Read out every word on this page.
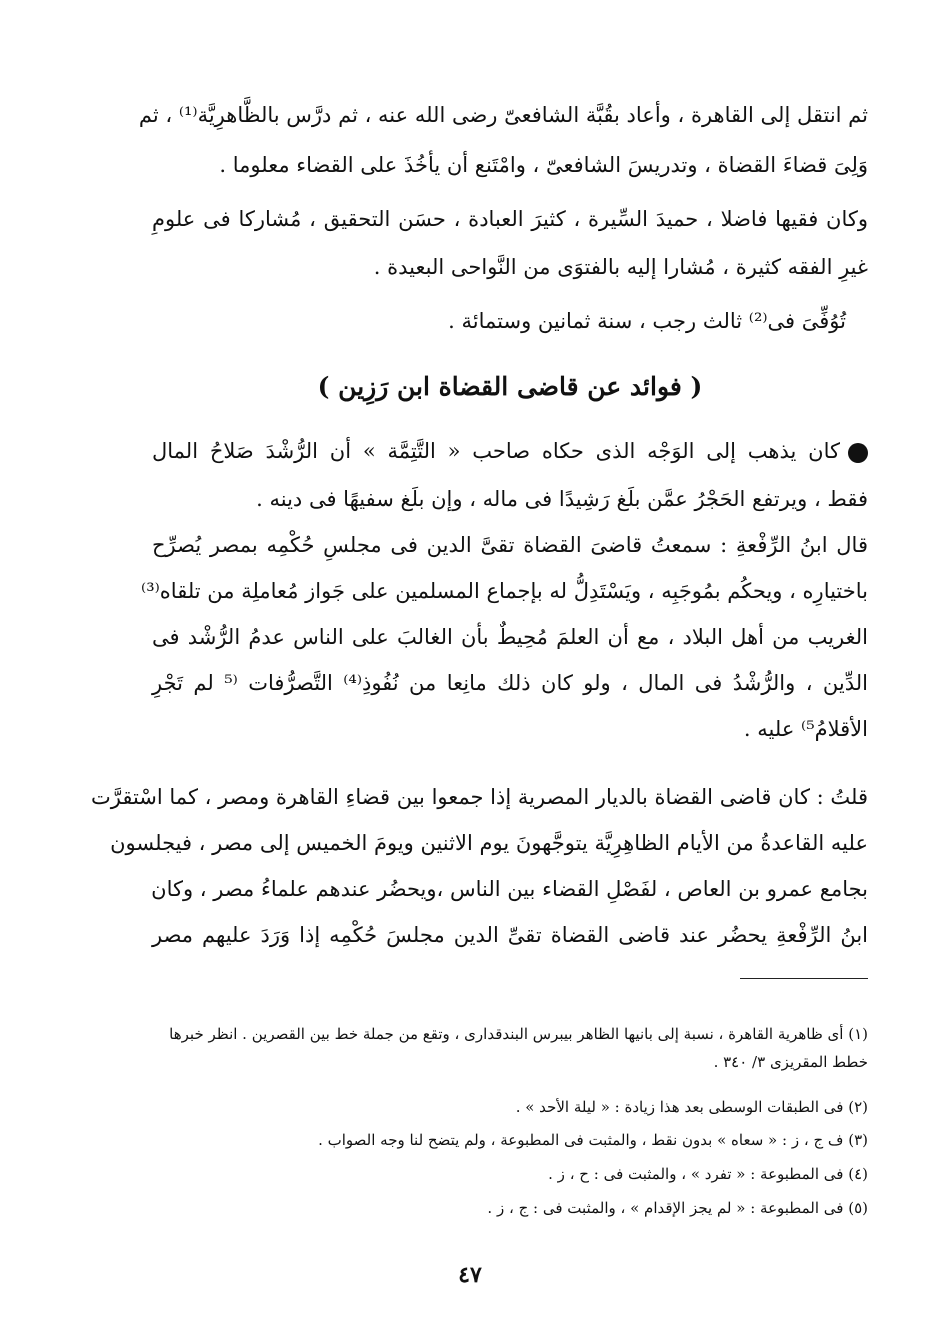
ثم انتقل إلى القاهرة ، وأعاد بقُبَّة الشافعىّ رضى الله عنه ، ثم درَّس بالظَّاهرِيَّة⁽¹⁾ ، ثم
وَلِىَ قضاءَ القضاة ، وتدريسَ الشافعىّ ، وامْتَنع أن يأخُذَ على القضاء معلوما .
وكان فقيها فاضلا ، حميدَ السِّيرة ، كثيرَ العبادة ، حسَن التحقيق ، مُشاركا فى علومِ
غيرِ الفقه كثيرة ، مُشارا إليه بالفتوَى من النَّواحى البعيدة .
تُوُفِّىَ فى⁽²⁾ ثالث رجب ، سنة ثمانين وستمائة .
( فوائد عن قاضى القضاة ابن رَزِين )
كان يذهب إلى الوَجْه الذى حكاه صاحب « التَّتِمَّة » أن الرُّشْدَ صَلاحُ المال
فقط ، ويرتفع الحَجْرُ عمَّن بلَغ رَشِيدًا فى ماله ، وإن بلَغ سفيهًا فى دينه .
قال ابنُ الرِّفْعةِ : سمعتُ قاضىَ القضاة تقىَّ الدين فى مجلسِ حُكْمِه بمصر يُصرِّح
باختيارِه ، ويحكُم بمُوجَبِه ، ويَسْتَدِلُّ له بإجماع المسلمين على جَواز مُعاملِة من تلقاه⁽³⁾
الغريب من أهل البلاد ، مع أن العلمَ مُحِيطٌ بأن الغالبَ على الناس عدمُ الرُّشْد فى
الدِّين ، والرُّشْدُ فى المال ، ولو كان ذلك مانِعا من نُفُوذِ⁽⁴⁾ التَّصرُّفات ⁽⁵ لم تَجْرِ
الأقلامُ⁵⁾ عليه .
قلتُ : كان قاضى القضاة بالديار المصرية إذا جمعوا بين قضاءِ القاهرة ومصر ، كما اسْتقرَّت
عليه القاعدةُ من الأيام الظاهِرِيَّة يتوجَّهونَ يوم الاثنين ويومَ الخميس إلى مصر ، فيجلسون
بجامع عمرو بن العاص ، لفَصْلِ القضاء بين الناس ،ويحضُر عندهم علماءُ مصر ، وكان
ابنُ الرِّفْعةِ يحضُر عند قاضى القضاة تقىِّ الدين مجلسَ حُكْمِه إذا وَرَدَ عليهم مصر
(١) أى ظاهرية القاهرة ، نسبة إلى بانيها الظاهر بيبرس البندقدارى ، وتقع من جملة خط بين القصرين . انظر خبرها
خطط المقريزى ٣/ ٣٤٠ .
(٢) فى الطبقات الوسطى بعد هذا زيادة : « ليلة الأحد » .
(٣) ف ج ، ز : « سعاه » بدون نقط ، والمثبت فى المطبوعة ، ولم يتضح لنا وجه الصواب .
(٤) فى المطبوعة : « تفرد » ، والمثبت فى : ح ، ز .
(٥) فى المطبوعة : « لم يجز الإقدام » ، والمثبت فى : ج ، ز .
٤٧
